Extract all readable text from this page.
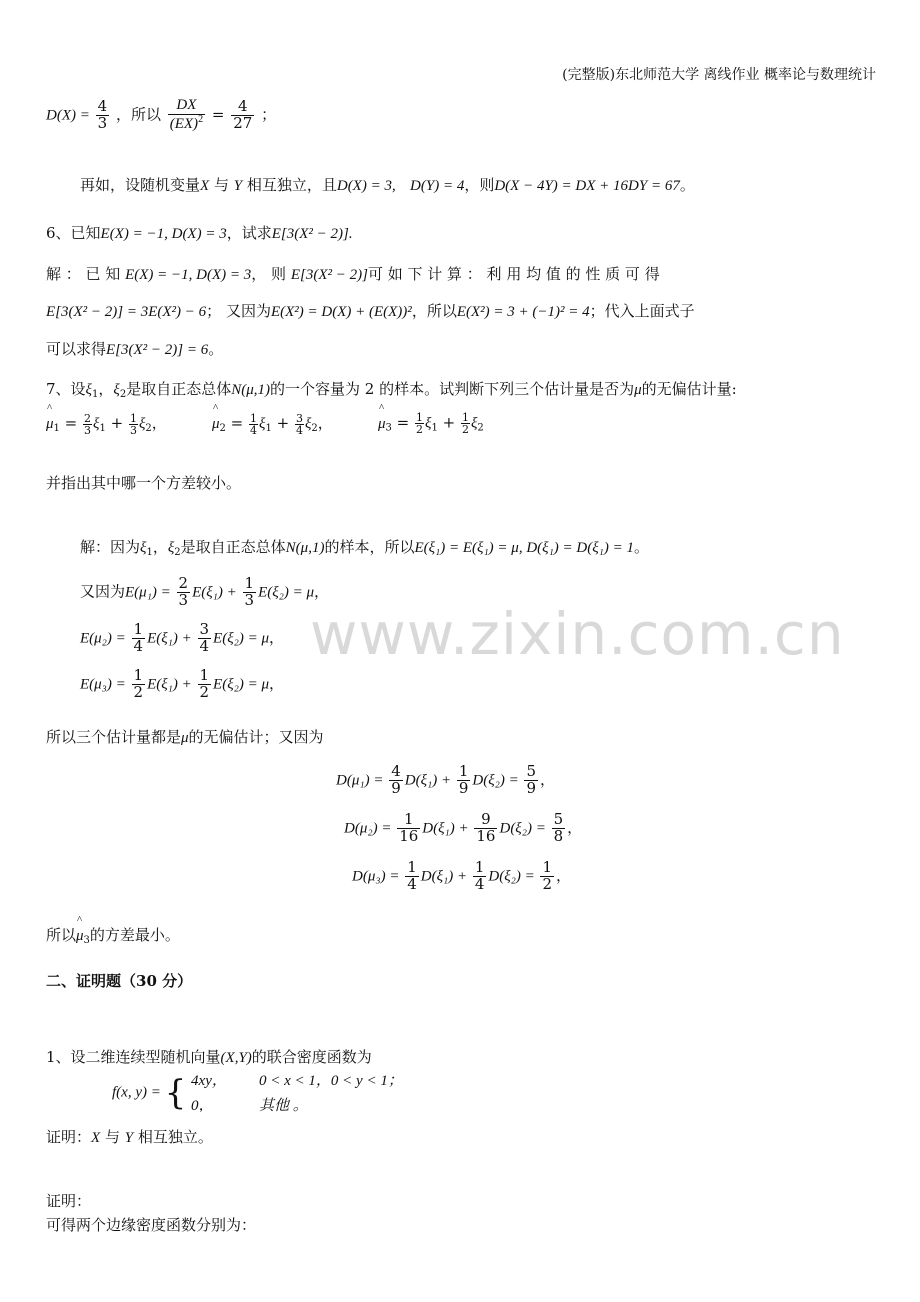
(完整版)东北师范大学 离线作业 概率论与数理统计
www.zixin.com.cn
$D(X) = \frac{4}{3}$ ，所以 $\frac{DX}{(EX)^2} = \frac{4}{27}$ ；
再如，设随机变量X 与 Y 相互独立，且D(X) = 3, D(Y) = 4，则D(X − 4Y) = DX + 16DY = 67。
6、已知E(X) = −1, D(X) = 3，试求E[3(X² − 2)].
解 ： 已 知 E(X) = −1, D(X) = 3， 则 E[3(X² − 2)]可 如 下 计 算 ： 利 用 均 值 的 性 质 可 得
E[3(X² − 2)] = 3E(X²) − 6； 又因为E(X²) = D(X) + (E(X))²，所以E(X²) = 3 + (−1)² = 4；代入上面式子
可以求得E[3(X² − 2)] = 6。
7、设$\xi_1$，$\xi_2$是取自正态总体N(μ,1)的一个容量为 2 的样本。试判断下列三个估计量是否为μ的无偏估计量:
^ $\mu_1 = \frac{2}{3} \xi_1 + \frac{1}{3} \xi_2$，	^ $\mu_2 = \frac{1}{4} \xi_1 + \frac{3}{4} \xi_2$，	^ $\mu_3 = \frac{1}{2} \xi_1 + \frac{1}{2} \xi_2$
并指出其中哪一个方差较小。
解：因为$\xi_1$，$\xi_2$是取自正态总体N(μ,1)的样本，所以E(ξ₁) = E(ξ₁) = μ, D(ξ₁) = D(ξ₁) = 1。
又因为$E(\mu_1) = \frac{2}{3} E(\xi_1) + \frac{1}{3} E(\xi_2) = \mu$，
$E(\mu_2) = \frac{1}{4} E(\xi_1) + \frac{3}{4} E(\xi_2) = \mu$，
$E(\mu_3) = \frac{1}{2} E(\xi_1) + \frac{1}{2} E(\xi_2) = \mu$，
所以三个估计量都是μ的无偏估计；又因为
$D(\mu_1) = \frac{4}{9} D(\xi_1) + \frac{1}{9} D(\xi_2) = \frac{5}{9}$ ，
$D(\mu_2) = \frac{1}{16} D(\xi_1) + \frac{9}{16} D(\xi_2) = \frac{5}{8}$ ，
$D(\mu_3) = \frac{1}{4} D(\xi_1) + \frac{1}{4} D(\xi_2) = \frac{1}{2}$ ，
所以^ $\mu_3$的方差最小。
二、证明题（30 分）
1、设二维连续型随机向量(X,Y)的联合密度函数为
f(x, y) = { 4xy， 0 < x < 1，0 < y < 1；
0，	其他 。
证明：X 与 Y 相互独立。
证明：
可得两个边缘密度函数分别为：
